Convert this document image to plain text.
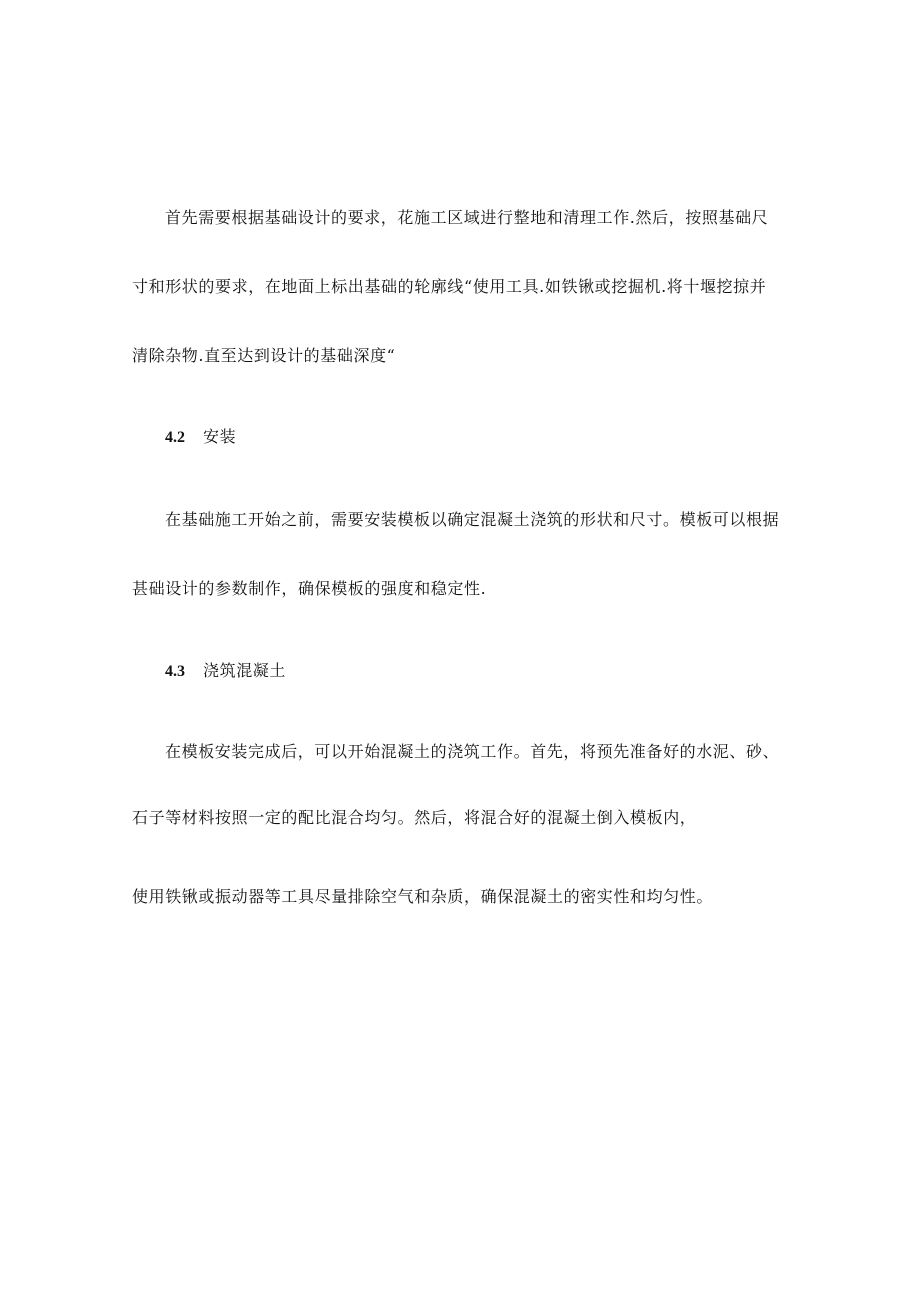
首先需要根据基础设计的要求，花施工区域进行整地和清理工作.然后，按照基础尺
寸和形状的要求，在地面上标出基础的轮廓线“使用工具.如铁锹或挖掘机.将十堰挖掠并
清除杂物.直至达到设计的基础深度“
4.2 安装
在基础施工开始之前，需要安装模板以确定混凝土浇筑的形状和尺寸。模板可以根据
甚础设计的参数制作，确保模板的强度和稳定性.
4.3 浇筑混凝土
在模板安装完成后，可以开始混凝土的浇筑工作。首先，将预先准备好的水泥、砂、
石子等材料按照一定的配比混合均匀。然后，将混合好的混凝土倒入模板内，
使用铁锹或振动器等工具尽量排除空气和杂质，确保混凝土的密实性和均匀性。
